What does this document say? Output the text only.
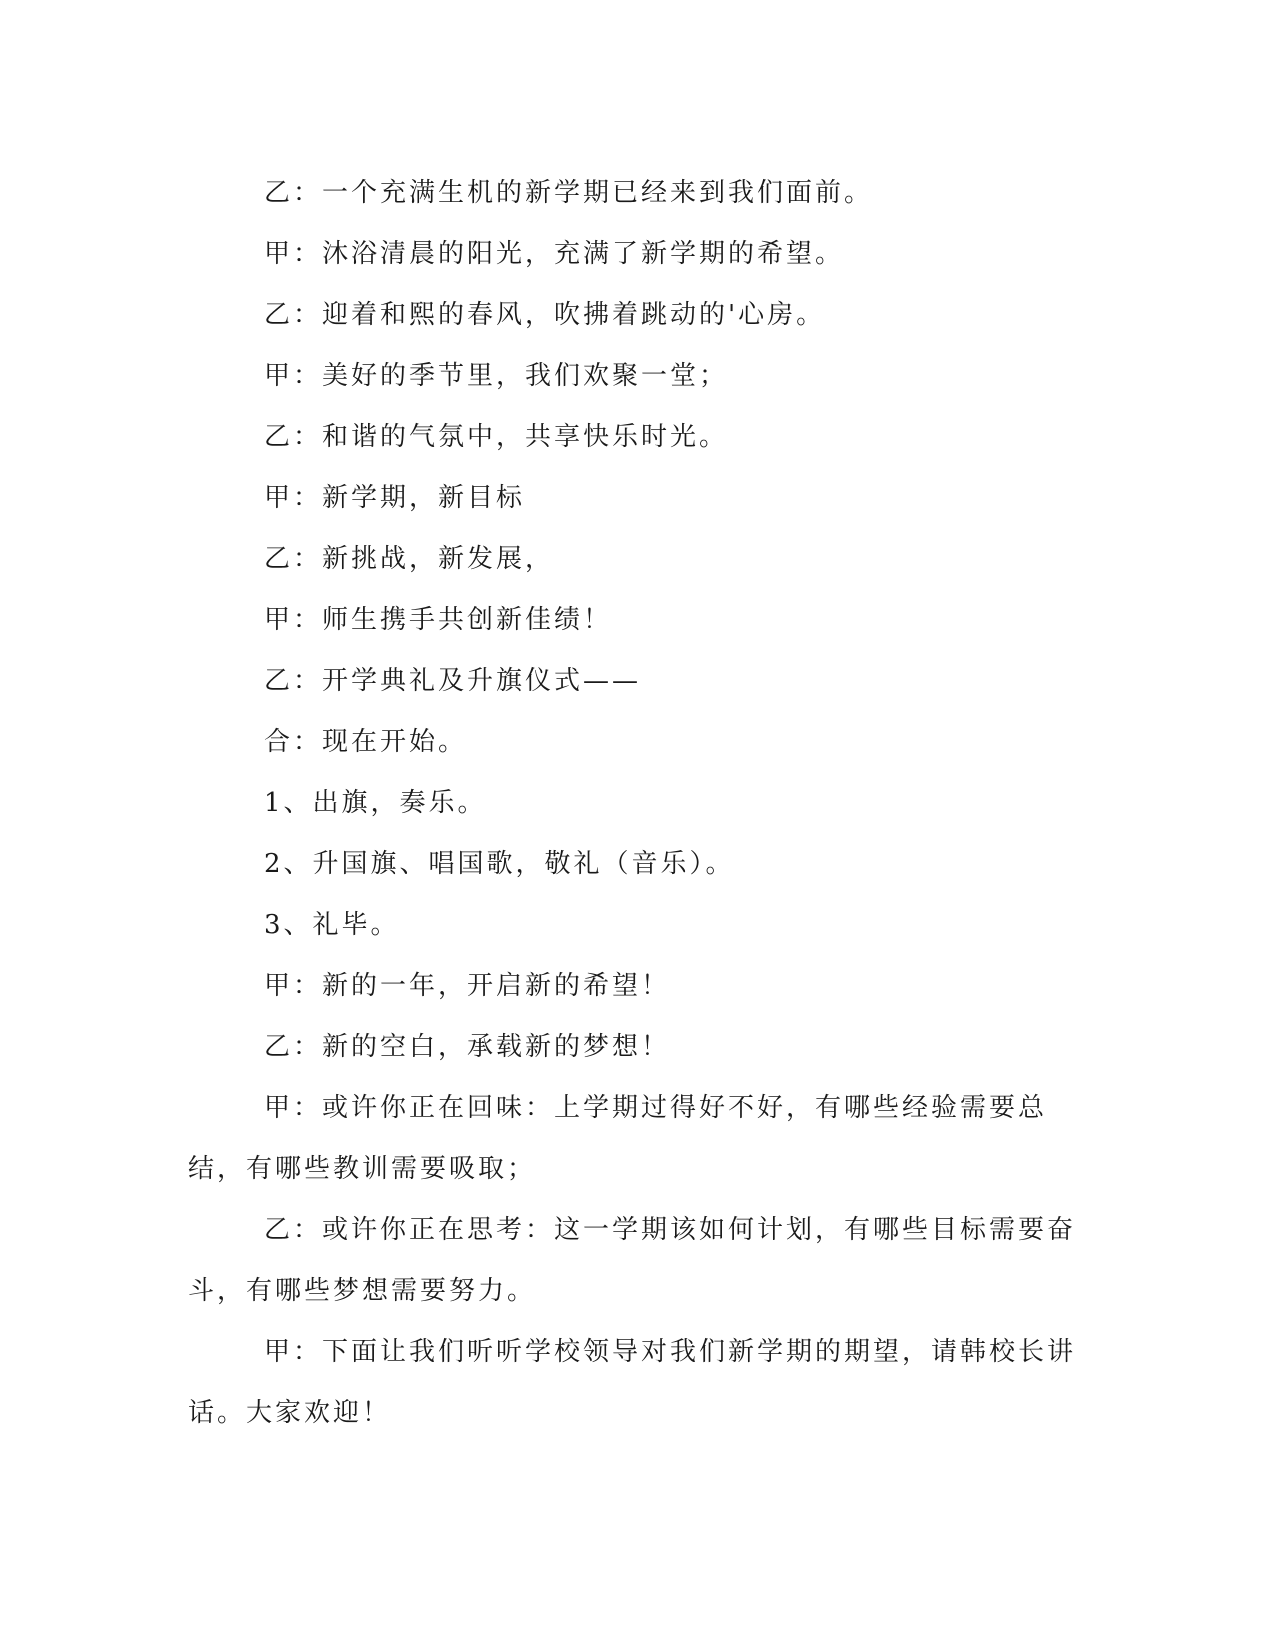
乙：一个充满生机的新学期已经来到我们面前。

甲：沐浴清晨的阳光，充满了新学期的希望。

乙：迎着和熙的春风，吹拂着跳动的'心房。

甲：美好的季节里，我们欢聚一堂；

乙：和谐的气氛中，共享快乐时光。

甲：新学期，新目标

乙：新挑战，新发展，

甲：师生携手共创新佳绩！

乙：开学典礼及升旗仪式——

合：现在开始。

1、出旗，奏乐。

2、升国旗、唱国歌，敬礼（音乐）。

3、礼毕。

甲：新的一年，开启新的希望！

乙：新的空白，承载新的梦想！

甲：或许你正在回味：上学期过得好不好，有哪些经验需要总结，有哪些教训需要吸取；

乙：或许你正在思考：这一学期该如何计划，有哪些目标需要奋斗，有哪些梦想需要努力。

甲：下面让我们听听学校领导对我们新学期的期望，请韩校长讲话。大家欢迎！
